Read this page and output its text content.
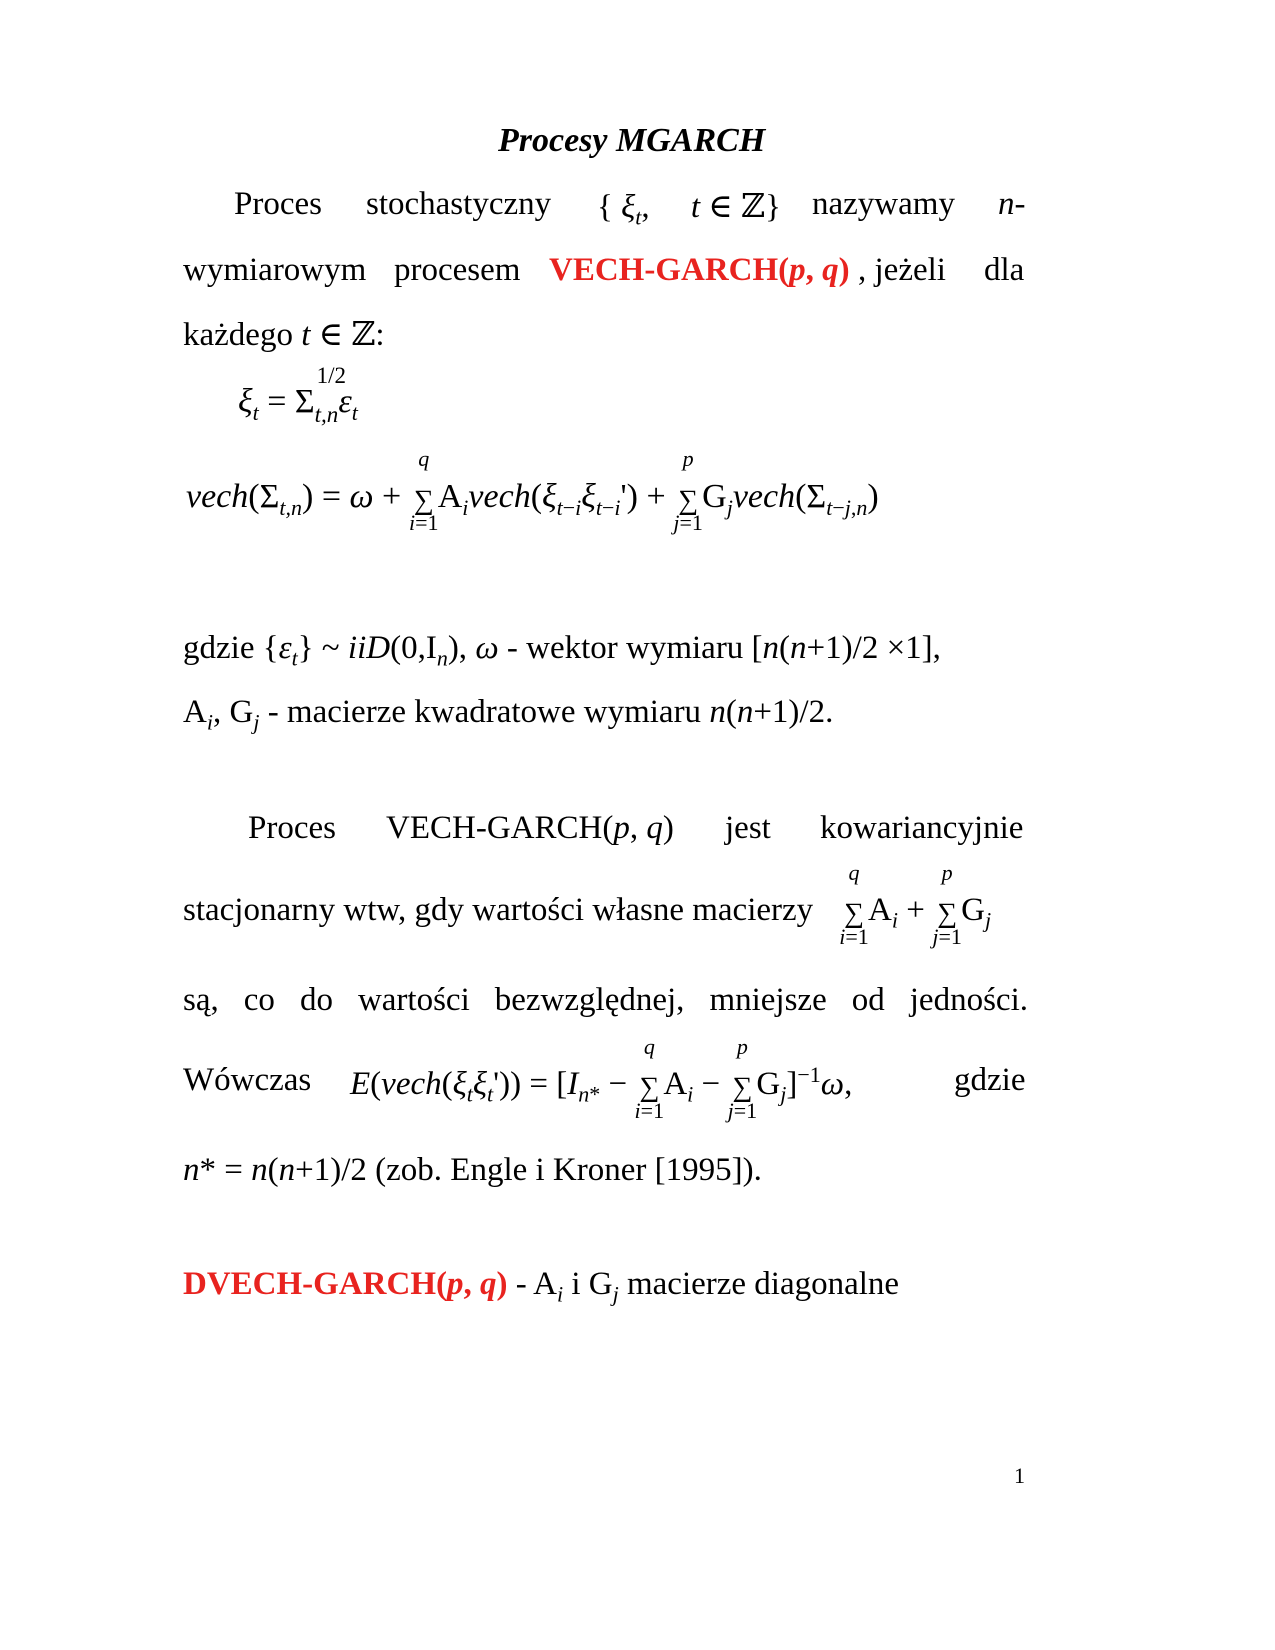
Procesy MGARCH
Proces stochastyczny { $\xi_t$,     t ∈ ℤ} nazywamy n-
wymiarowym procesem VECH-GARCH(p, q) , jeżeli dla
każdego t ∈ ℤ:
$\xi_t = \Sigma$
1/2
$_{t,n}\varepsilon_t$
$vech(\Sigma_{t,n}) = \omega$ +
q
∑
i=1
$A_ivech(\xi_{t-i}\xi_{t-i}')$ +
p
∑
j=1
$G_jvech(\Sigma_{t-j,n})$
gdzie $\{\varepsilon_t\}$ ~ $iiD(0,I_n)$, ω - wektor wymiaru [n(n+1)/2 ×1],
$A_i$, $G_j$ - macierze kwadratowe wymiaru n(n+1)/2.
Proces VECH-GARCH(p, q) jest kowariancyjnie
stacjonarny wtw, gdy wartości własne macierzy
q
∑
i=1
$A_i$ +
p
∑
j=1
$G_j$
są, co do wartości bezwzględnej, mniejsze od jedności.
Wówczas $E(vech(\xi_t\xi_t')) = [I_{n*}$ −
q
∑
i=1
$A_i$ −
p
∑
j=1
$G_j]^{-1}\omega$,	gdzie
n* = n(n+1)/2 (zob. Engle i Kroner [1995]).
DVECH-GARCH(p, $q) - A_i$ i $G_j$ macierze diagonalne
1
